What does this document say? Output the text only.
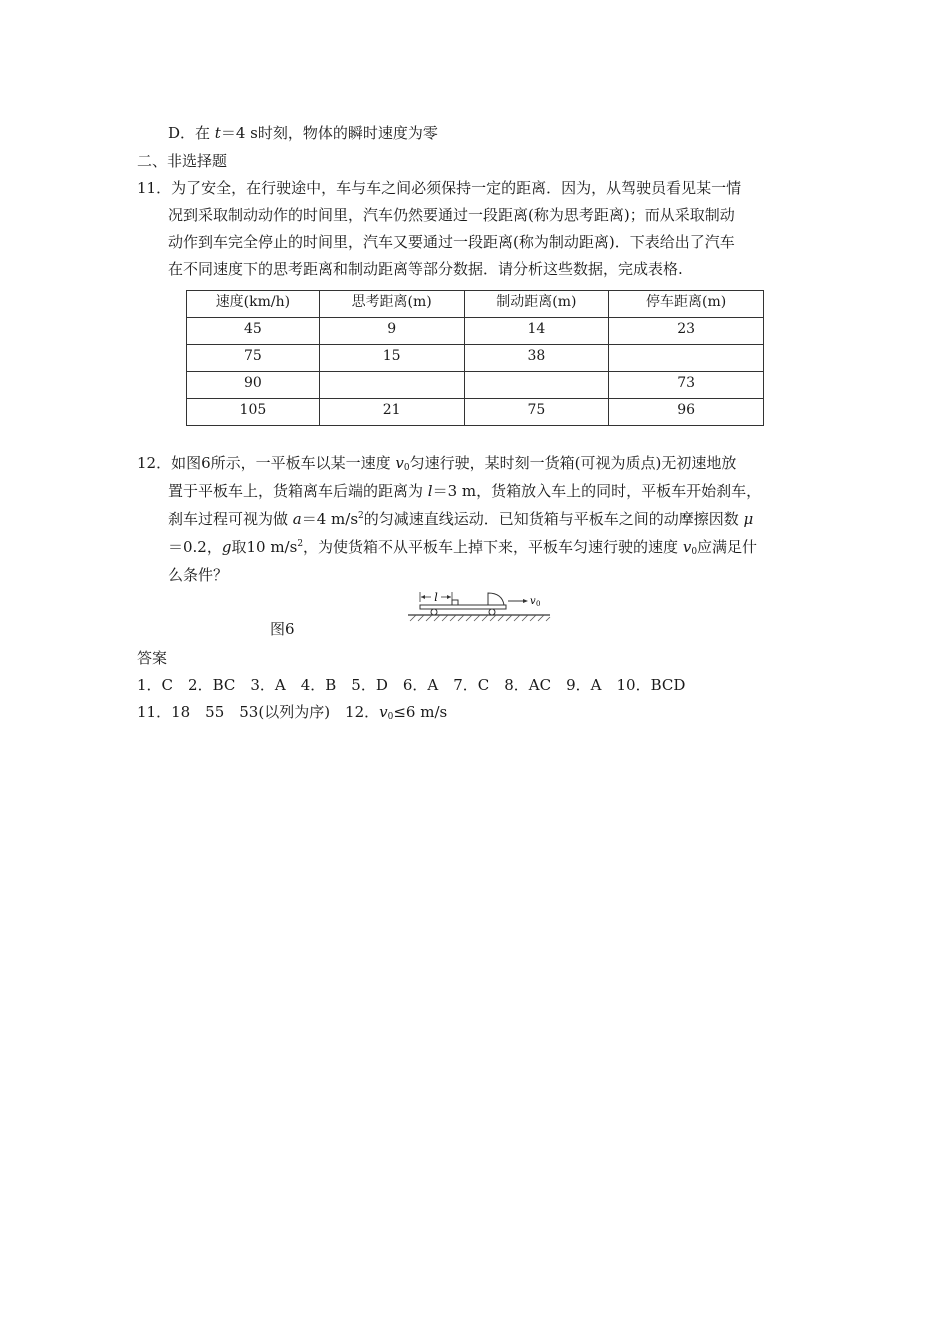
D．在 t＝4 s时刻，物体的瞬时速度为零
二、非选择题
11．为了安全，在行驶途中，车与车之间必须保持一定的距离．因为，从驾驶员看见某一情
况到采取制动动作的时间里，汽车仍然要通过一段距离(称为思考距离)；而从采取制动
动作到车完全停止的时间里，汽车又要通过一段距离(称为制动距离)．下表给出了汽车
在不同速度下的思考距离和制动距离等部分数据．请分析这些数据，完成表格.
速度(km/h)	思考距离(m)	制动距离(m)	停车距离(m)
45	9	14	23
75	15	38	
90			73
105	21	75	96
12．如图6所示，一平板车以某一速度 $v_0$匀速行驶，某时刻一货箱(可视为质点)无初速地放
置于平板车上，货箱离车后端的距离为 l＝3 m，货箱放入车上的同时，平板车开始刹车，
刹车过程可视为做 a＝4 $m/s^2$的匀减速直线运动．已知货箱与平板车之间的动摩擦因数 μ
＝0.2，g取10 $m/s^2$，为使货箱不从平板车上掉下来，平板车匀速行驶的速度 $v_0$应满足什
么条件？
l	v 0
图6
答案
1．C　2．BC　3．A　4．B　5．D　6．A　7．C　8．AC　9．A　10．BCD
11．18　55　53(以列为序)　12．$v_0\le 6$ m/s
